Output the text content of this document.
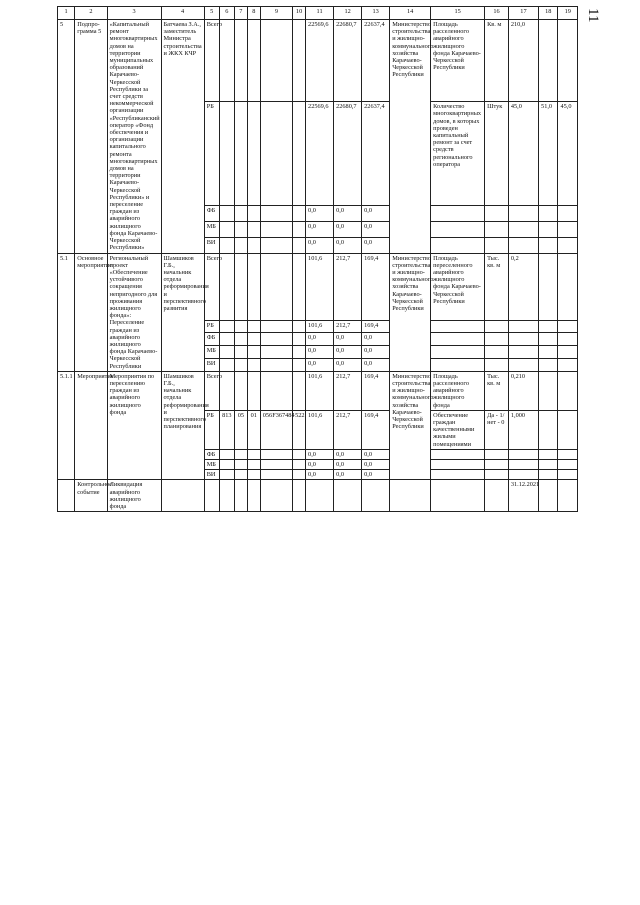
11
1	2	3	4	5	6	7	8	9	10	11	12	13	14	15	16	17	18	19
5	Подпро-грамма 5	«Капитальный ремонт многоквартирных домов на территории муниципальных образований Карачаево-Черкесской Республики за счет средств некоммерческой организации «Республиканский оператор «Фонд обеспечения и организации капитального ремонта многоквартирных домов на территории Карачаево-Черкесской Республики» и переселение граждан из аварийного жилищного фонда Карачаево-Черкесской Республики»	Батчаева З.А., заместитель Министра строительства и ЖКХ КЧР	Всего						22569,6	22680,7	22637,4	Министерство строительства и жилищно-коммунального хозяйства Карачаево-Черкесской Республики	Площадь расселенного аварийного жилищного фонда Карачаево-Черкесской Республики	Кв. м	210,0		
				РБ						22569,6	22680,7	22637,4		Количество многоквартирных домов, в которых проведен капитальный ремонт за счет средств регионального оператора	Штук	45,0	51,0	45,0
				ФБ						0,0	0,0	0,0						
				МБ						0,0	0,0	0,0						
				ВИ						0,0	0,0	0,0						
5.1	Основное мероприятие	Региональный проект «Обеспечение устойчивого сокращения непригодного для проживания жилищного фонда»: Переселение граждан из аварийного жилищного фонда Карачаево-Черкесской Республики	Шамшиков Г.Б., начальник отдела реформирования и перспективного развития	Всего						101,6	212,7	169,4	Министерство строительства и жилищно-коммунального хозяйства Карачаево-Черкесской Республики	Площадь переселенного аварийного жилищного фонда Карачаево-Черкесской Республики	Тыс. кв. м	0,2		
				РБ						101,6	212,7	169,4						
				ФБ						0,0	0,0	0,0						
				МБ						0,0	0,0	0,0						
				ВИ						0,0	0,0	0,0						
5.1.1	Мероприятие	Мероприятия по переселению граждан из аварийного жилищного фонда	Шамшиков Г.Б., начальник отдела реформирования и перспективного планирования	Всего						101,6	212,7	169,4	Министерство строительства и жилищно-коммунального хозяйства Карачаево-Черкесской Республики	Площадь расселенного аварийного жилищного фонда	Тыс. кв. м	0,210		
				РБ	813	05	01	056F367484	522	101,6	212,7	169,4		Обеспечение граждан качественными жилыми помещениями	Да - 1/ нет - 0	1,000		
				ФБ						0,0	0,0	0,0						
				МБ						0,0	0,0	0,0						
				ВИ						0,0	0,0	0,0						
	Контрольное событие	Ликвидация аварийного жилищного фонда														31.12.2021		
